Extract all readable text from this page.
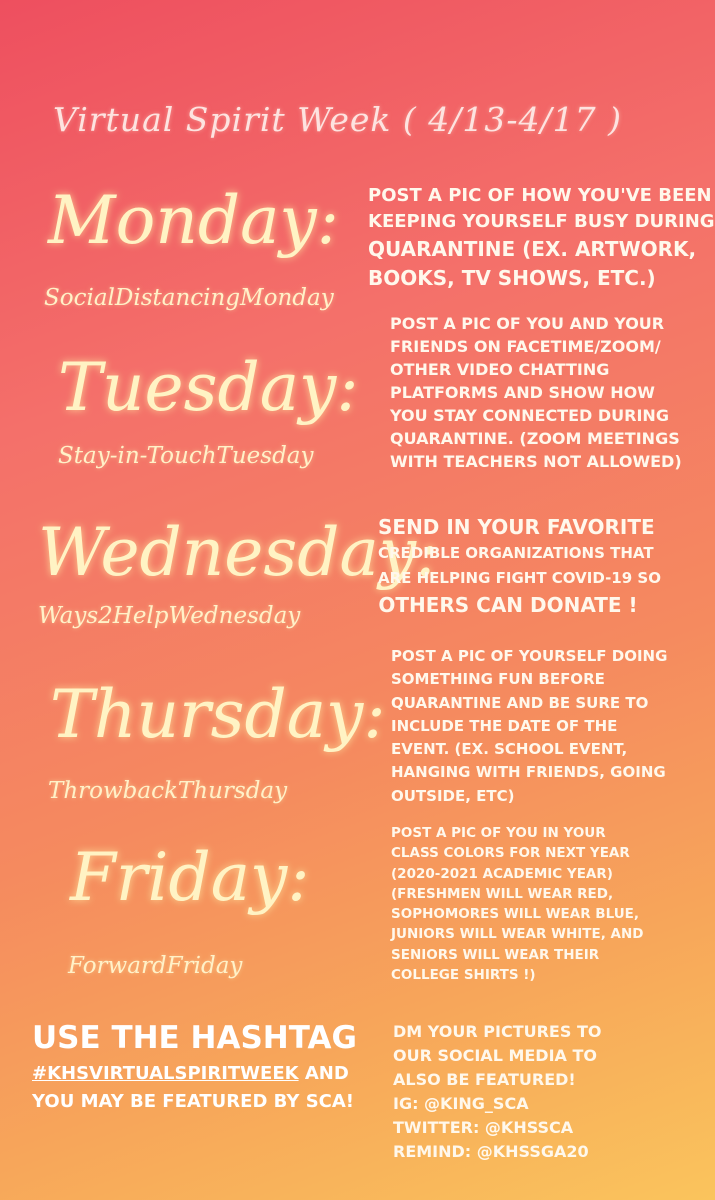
Virtual Spirit Week ( 4/13-4/17 )
Monday:
SocialDistancingMonday
POST A PIC OF HOW YOU'VE BEEN
KEEPING YOURSELF BUSY DURING
QUARANTINE (EX. ARTWORK,
BOOKS, TV SHOWS, ETC.)
Tuesday:
Stay-in-TouchTuesday
POST A PIC OF YOU AND YOUR
FRIENDS ON FACETIME/ZOOM/
OTHER VIDEO CHATTING
PLATFORMS AND SHOW HOW
YOU STAY CONNECTED DURING
QUARANTINE. (ZOOM MEETINGS
WITH TEACHERS NOT ALLOWED)
Wednesday:
Ways2HelpWednesday
SEND IN YOUR FAVORITE
CREDIBLE ORGANIZATIONS THAT
ARE HELPING FIGHT COVID-19 SO
OTHERS CAN DONATE !
Thursday:
ThrowbackThursday
POST A PIC OF YOURSELF DOING
SOMETHING FUN BEFORE
QUARANTINE AND BE SURE TO
INCLUDE THE DATE OF THE
EVENT. (EX. SCHOOL EVENT,
HANGING WITH FRIENDS, GOING
OUTSIDE, ETC)
Friday:
ForwardFriday
POST A PIC OF YOU IN YOUR
CLASS COLORS FOR NEXT YEAR
(2020-2021 ACADEMIC YEAR)
(FRESHMEN WILL WEAR RED,
SOPHOMORES WILL WEAR BLUE,
JUNIORS WILL WEAR WHITE, AND
SENIORS WILL WEAR THEIR
COLLEGE SHIRTS !)
USE THE HASHTAG
#KHSVIRTUALSPIRITWEEK AND
YOU MAY BE FEATURED BY SCA!
DM YOUR PICTURES TO
OUR SOCIAL MEDIA TO
ALSO BE FEATURED!
IG: @KING_SCA
TWITTER: @KHSSCA
REMIND: @KHSSGA20
